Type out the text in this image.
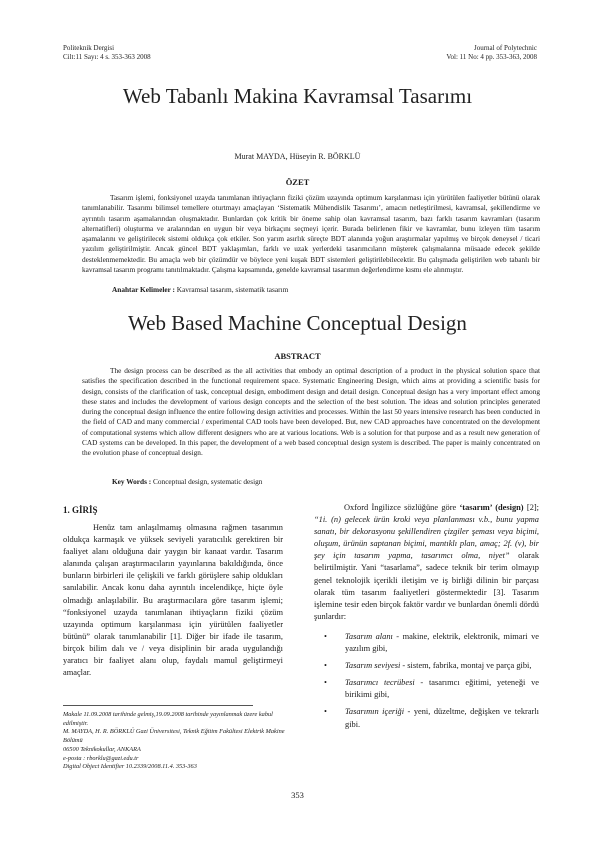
Politeknik Dergisi
Cilt:11 Sayı: 4 s. 353-363 2008
Journal of Polytechnic
Vol: 11 No: 4 pp. 353-363, 2008
Web Tabanlı Makina Kavramsal Tasarımı
Murat MAYDA, Hüseyin R. BÖRKLÜ
ÖZET

Tasarım işlemi, fonksiyonel uzayda tanımlanan ihtiyaçların fiziki çözüm uzayında optimum karşılanması için yürütülen faaliyetler bütünü olarak tanımlanabilir. Tasarımı bilimsel temellere oturtmayı amaçlayan ‘Sistematik Mühendislik Tasarımı’, amacın netleştirilmesi, kavramsal, şekillendirme ve ayrıntılı tasarım aşamalarından oluşmaktadır. Bunlardan çok kritik bir öneme sahip olan kavramsal tasarım, bazı farklı tasarım kavramları (tasarım alternatifleri) oluşturma ve aralarından en uygun bir veya birkaçını seçmeyi içerir. Burada belirlenen fikir ve kavramlar, bunu izleyen tüm tasarım aşamalarını ve geliştirilecek sistemi oldukça çok etkiler. Son yarım asırlık süreçte BDT alanında yoğun araştırmalar yapılmış ve birçok deneysel / ticari yazılım geliştirilmiştir. Ancak güncel BDT yaklaşımları, farklı ve uzak yerlerdeki tasarımcıların müşterek çalışmalarına müsaade edecek şekilde desteklenmemektedir. Bu amaçla web bir çözümdür ve böylece yeni kuşak BDT sistemleri geliştirilebilecektir. Bu çalışmada geliştirilen web tabanlı bir kavramsal tasarım programı tanıtılmaktadır. Çalışma kapsamında, genelde kavramsal tasarımın değerlendirme kısmı ele alınmıştır.

Anahtar Kelimeler : Kavramsal tasarım, sistematik tasarım
Web Based Machine Conceptual Design
ABSTRACT

The design process can be described as the all activities that embody an optimal description of a product in the physical solution space that satisfies the specification described in the functional requirement space. Systematic Engineering Design, which aims at providing a scientific basis for design, consists of the clarification of task, conceptual design, embodiment design and detail design. Conceptual design has a very important effect among these states and includes the development of various design concepts and the selection of the best solution. The ideas and solution principles generated during the conceptual design influence the entire following design activities and processes. Within the last 50 years intensive research has been conducted in the field of CAD and many commercial / experimental CAD tools have been developed. But, new CAD approaches have concentrated on the development of computational systems which allow different designers who are at various locations. Web is a solution for that purpose and as a result new generation of CAD systems can be developed. In this paper, the development of a web based conceptual design system is described. The paper is mainly concentrated on the evolution phase of conceptual design.

Key Words : Conceptual design, systematic design
1. GİRİŞ

Henüz tam anlaşılmamış olmasına rağmen tasarımın oldukça karmaşık ve yüksek seviyeli yaratıcılık gerektiren bir faaliyet alanı olduğuna dair yaygın bir kanaat vardır. Tasarım alanında çalışan araştırmacıların yayınlarına bakıldığında, önce bunların birbirleri ile çelişkili ve farklı görüşlere sahip oldukları sanılabilir. Ancak konu daha ayrıntılı incelendikçe, hiçte öyle olmadığı anlaşılabilir. Bu araştırmacılara göre tasarım işlemi; “fonksiyonel uzayda tanımlanan ihtiyaçların fiziki çözüm uzayında optimum karşılanması için yürütülen faaliyetler bütünü” olarak tanımlanabilir [1]. Diğer bir ifade ile tasarım, birçok bilim dalı ve / veya disiplinin bir arada uygulandığı yaratıcı bir faaliyet alanı olup, faydalı mamul geliştirmeyi amaçlar.

Makale 11.09.2008 tarihinde gelmiş,19.09.2008 tarihinde yayınlanmak üzere kabul edilmiştir.
M. MAYDA, H. R. BÖRKLÜ Gazi Üniversitesi, Teknik Eğitim Fakültesi Elektrik Makine Bölümü
06500 Teknikokullar, ANKARA
e-posta : rborklu@gazi.edu.tr
Digital Object Identifier 10.2339/2008.11.4. 353-363

Oxford İngilizce sözlüğüne göre ‘tasarım’ (design) [2]; “1i. (n) gelecek ürün kroki veya planlanması v.b., bunu yapma sanatı, bir dekorasyonu şekillendiren çizgiler şeması veya biçimi, oluşum, ürünün saptanan biçimi, mantıklı plan, amaç; 2f. (v), bir şey için tasarım yapma, tasarımcı olma, niyet” olarak belirtilmiştir. Yani “tasarlama”, sadece teknik bir terim olmayıp genel teknolojik içerikli iletişim ve iş birliği dilinin bir parçası olarak tüm tasarım faaliyetleri göstermektedir [3]. Tasarım işlemine tesir eden birçok faktör vardır ve bunlardan önemli dördü şunlardır:

• Tasarım alanı - makine, elektrik, elektronik, mimari ve yazılım gibi,
• Tasarım seviyesi - sistem, fabrika, montaj ve parça gibi,
• Tasarımcı tecrübesi - tasarımcı eğitimi, yeteneği ve birikimi gibi,
• Tasarımın içeriği - yeni, düzeltme, değişken ve tekrarlı gibi.
353
